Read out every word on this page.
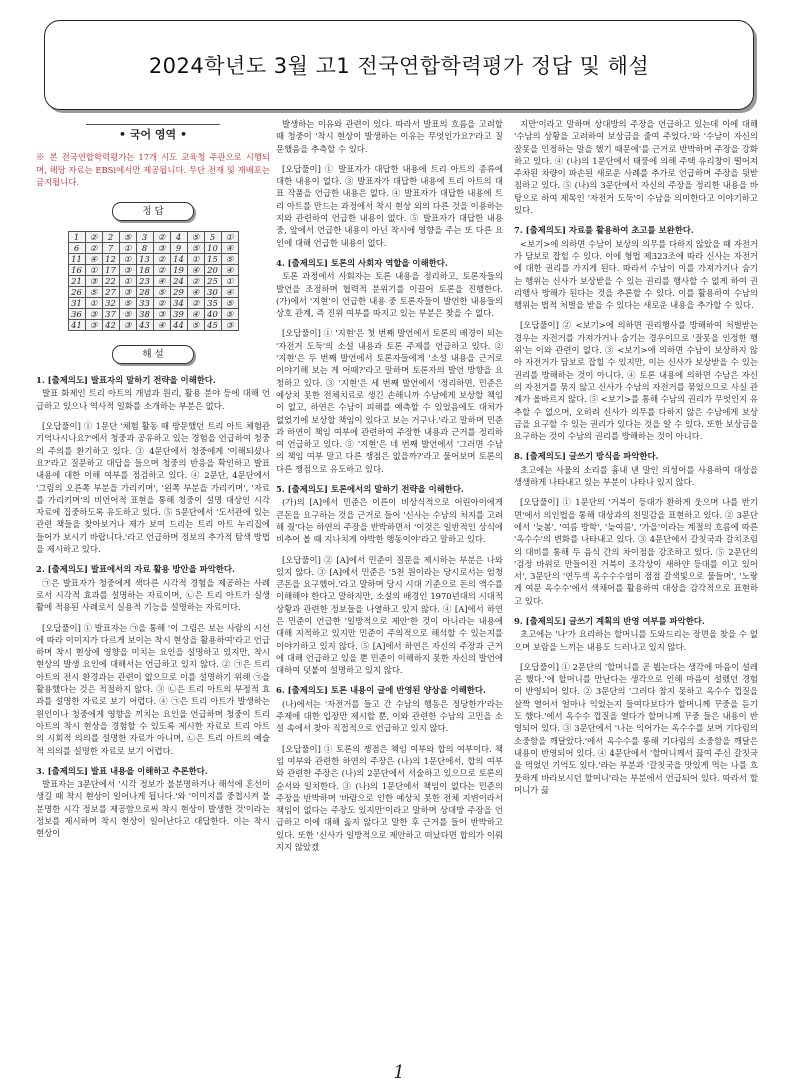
2024학년도 3월 고1 전국연합학력평가 정답 및 해설
• 국어 영역 •

※ 본 전국연합학력평가는 17개 시도 교육청 주관으로 시행되며, 해당 자료는 EBSi에서만 제공됩니다. 무단 전재 및 재배포는 금지됩니다.

정 답
1	②	2	⑤	3	②	4	⑤	5	①
6	②	7	①	8	③	9	⑤	10	④
11	④	12	①	13	②	14	①	15	⑤
16	①	17	③	18	②	19	④	20	④
21	③	22	①	23	④	24	②	25	①
26	⑤	27	③	28	⑤	29	④	30	④
31	①	32	⑤	33	②	34	②	35	⑤
36	③	37	⑤	38	③	39	④	40	⑤
41	③	42	③	43	④	44	⑤	45	③
해 설

1. [출제의도] 발표자의 말하기 전략을 이해한다.

발표 화제인 트리 아트의 개념과 원리, 활용 분야 등에 대해 언급하고 있으나 역사적 일화를 소개하는 부분은 없다.

[오답풀이] ① 1문단 '체험 활동 때 방문했던 트리 아트 체험관 기억나시나요?'에서 청중과 공유하고 있는 경험을 언급하여 청중의 주의를 환기하고 있다. ③ 4문단에서 청중에게 '이해되셨나요?'라고 질문하고 대답을 들으며 청중의 반응을 확인하고 발표 내용에 대한 이해 여부를 점검하고 있다. ④ 2문단, 4문단에서 '그림의 오른쪽 부분을 가리키며', '왼쪽 부분을 가리키며', '자료를 가리키며'의 비언어적 표현을 통해 청중이 설명 대상인 시각 자료에 집중하도록 유도하고 있다. ⑤ 5문단에서 '도서관에 있는 관련 책들을 찾아보거나 제가 보여 드리는 트리 아트 누리집에 들어가 보시기 바랍니다.'라고 언급하며 정보의 추가적 탐색 방법을 제시하고 있다.

2. [출제의도] 발표에서의 자료 활용 방안을 파악한다.

㉠은 발표자가 청중에게 색다른 시각적 경험을 제공하는 사례로서 시각적 효과를 설명하는 자료이며, ㉡은 트리 아트가 실생활에 적용된 사례로서 실용적 기능을 설명하는 자료이다.

[오답풀이] ① 발표자는 ㉠을 통해 '이 그림은 보는 사람의 시선에 따라 이미지가 다르게 보이는 착시 현상을 활용하여'라고 언급하며 착시 현상에 영향을 미치는 요인을 설명하고 있지만, 착시 현상의 발생 요인에 대해서는 언급하고 있지 않다. ② ㉠은 트리 아트의 전시 환경과는 관련이 없으므로 이를 설명하기 위해 ㉠을 활용했다는 것은 적절하지 않다. ③ ㉡은 트리 아트의 부정적 효과를 설명한 자료로 보기 어렵다. ④ ㉠은 트리 아트가 발생하는 원인이나 청중에게 영향을 끼치는 요인을 언급하며 청중이 트리 아트의 착시 현상을 경험할 수 있도록 제시한 자료로 트리 아트의 시회적 의의를 설명한 자료가 아니며, ㉡은 트리 아트의 예술적 의의를 설명한 자료로 보기 어렵다.

3. [출제의도] 발표 내용을 이해하고 추론한다.

발표자는 3문단에서 '시각 정보가 불분명하거나 해석에 혼선이 생길 때 착시 현상이 일어나게 됩니다.'와 '이미지를 중첩시켜 불분명한 시각 정보를 제공함으로써 착시 현상이 발생한 것'이라는 정보를 제시하며 착시 현상이 일어난다고 대답한다. 이는 착시 현상이

발생하는 이유와 관련이 있다. 따라서 발표의 흐름을 고려할 때 청중이 '착시 현상이 발생하는 이유는 무엇인가요?'라고 질문했음을 추측할 수 있다.

[오답풀이] ① 발표자가 대답한 내용에 트리 아트의 종류에 대한 내용이 없다. ③ 발표자가 대답한 내용에 트리 아트의 대표 작품을 언급한 내용은 없다. ④ 발표자가 대답한 내용에 트리 아트를 만드는 과정에서 착시 현상 외의 다른 것을 이용하는지와 관련하여 언급한 내용이 없다. ⑤ 발표자가 대답한 내용 중, 앞에서 언급한 내용이 아닌 착시에 영향을 주는 또 다른 요인에 대해 언급한 내용이 없다.

4. [출제의도] 토론의 사회자 역할을 이해한다.

토론 과정에서 사회자는 토론 내용을 정리하고, 토론자들의 발언을 조정하며 협력적 분위기를 이끌어 토론을 진행한다. (가)에서 '지현'이 언급한 내용 중 토론자들이 발언한 내용들의 상호 관계, 즉 진위 여부를 따지고 있는 부분은 찾을 수 없다.

[오답풀이] ① '지현'은 첫 번째 발언에서 토론의 배경이 되는 '자전거 도둑'의 소설 내용과 토론 주제를 언급하고 있다. ② '지현'은 두 번째 발언에서 토론자들에게 '소설 내용을 근거로 이야기해 보는 게 어때?'라고 말하며 토론자의 발언 방향을 요청하고 있다. ③ '지현'은 세 번째 발언에서 '정리하면, 민준은 예상치 못한 전체치료로 생긴 손해니까 수남에게 보상할 책임이 없고, 하연은 수남이 피해를 예측할 수 있었음에도 대처가 없었기에 보상할 책임이 있다고 보는 거구나.'라고 말하며 민준과 하연이 책임 여부에 관련하여 주장한 내용과 근거를 정리하여 언급하고 있다. ⑤ '지현'은 네 번째 발언에서 '그러면 수남의 책임 여부 말고 다른 쟁점은 없을까?'라고 물어보며 토론의 다른 쟁점으로 유도하고 있다.

5. [출제의도] 토론에서의 말하기 전략을 이해한다.

(가)의 [A]에서 민준은 이른이 비상식적으로 어린아이에게 큰돈을 요구하는 것을 근거로 들어 '신사는 수남의 처지를 고려해 줬'다는 하연의 주장을 반박하면서 '이것은 일반적인 상식에 비추어 볼 때 지나치게 야박한 행동이야'라고 말하고 있다.

[오답풀이] ② [A]에서 민준이 질문을 제시하는 부분은 나와 있지 않다. ③ [A]에서 민준은 '5천 원이라는 당시로서는 엄청 큰돈을 요구했어.'라고 말하며 당시 시대 기준으로 돈의 액수를 이해해야 한다고 말하지만, 소설의 배경인 1970년대의 시대적 상황과 관련한 정보들을 나열하고 있지 않다. ④ [A]에서 하연은 민준이 언급한 '일방적으로 제안'한 것이 아니라는 내용에 대해 지적하고 있지만 민준이 주의적으로 해석할 수 있는지를 이야기하고 있지 않다. ⑤ [A]에서 하연은 자신의 주장과 근거에 대해 언급하고 있을 뿐 민준이 이해하지 못한 자신의 발언에 대하여 덧붙여 설명하고 있지 않다.

6. [출제의도] 토론 내용이 글에 반영된 양상을 이해한다.

(나)에서는 '자전거를 들고 간 수남의 행동은 정당한가'라는 주제에 대한 입장만 제시할 뿐, 이와 관련한 수남의 고민을 소설 속에서 찾아 직접적으로 언급하고 있지 않다.

[오답풀이] ① 토론의 쟁점은 책임 여부와 합의 여부이다. 책임 여부와 관련한 하연의 주장은 (나)의 1문단에서, 합의 여부와 관련한 주장은 (나)의 2문단에서 서술하고 있으므로 토론의 순서와 일치한다. ③ (나)의 1문단에서 책임이 없다는 민준의 주장을 반박하며 '바람으로 인한 예상치 못한 전체 지변이라서 책임이 없다는 주장도 있지만'이라고 말하며 상대방 주장을 언급하고 이에 대해 옳지 않다고 말한 후 근거를 들어 반박하고 있다. 또한 '신사가 일방적으로 제안하고 떠났다면 합의가 이뤄지지 않았겠

지만'이라고 말하며 상대방의 주장을 언급하고 있는데 이에 대해 '수남의 상황을 고려하여 보상금을 줄여 주었다.'와 '수남이 자신의 잘못을 인정하는 말을 했기 때문에'를 근거로 반박하며 주장을 강화하고 있다. ④ (나)의 1문단에서 태풍에 의해 주택 유리창이 떨어져 주차된 차량이 파손된 새로운 사례를 추가로 언급하며 주장을 뒷받침하고 있다. ⑤ (나)의 3문단에서 자신의 주장을 정리한 내용을 바탕으로 하여 제목인 '자전거 도둑'이 수남을 의미한다고 이야기하고 있다.

7. [출제의도] 자료를 활용하여 초고를 보완한다.

<보기>에 의하면 수남이 보상의 의무를 다하지 않았을 때 자전거가 담보로 잡힐 수 있다. 이에 형법 제323조에 따라 신사는 자전거에 대한 권리를 가지게 된다. 따라서 수남이 이를 가져가거나 숨기는 행위는 신사가 보상받을 수 있는 권리를 행사할 수 없게 하여 권리행사 방해가 된다는 것을 추론할 수 있다. 이를 활용하여 수남의 행위는 법적 처벌을 받을 수 있다는 새로운 내용을 추가할 수 있다.

[오답풀이] ② <보기>에 의하면 권리행사를 방해하여 처벌받는 경우는 자전거를 가져가거나 숨기는 경우이므로 '잘못을 인정한 행위'는 이와 관련이 없다. ③ <보기>에 의하면 수남이 보상하지 않아 자전거가 담보로 잡힐 수 있지만, 이는 신사가 보상받을 수 있는 권리를 방해하는 것이 아니다. ④ 토론 내용에 의하면 수남은 자신의 자전거를 묶지 않고 신사가 수남의 자전거를 묶었으므로 사실 관계가 올바르지 않다. ⑤ <보기>를 통해 수남의 권리가 무엇인지 유추할 수 없으며, 오히려 신사가 의무를 다하지 않은 수남에게 보상금을 요구할 수 있는 권리가 있다는 것을 알 수 있다. 또한 보상금을 요구하는 것이 수남의 권리를 방해하는 것이 아니다.

8. [출제의도] 글쓰기 방식을 파악한다.

초고에는 사물의 소리를 흉내 낸 말인 의성어를 사용하여 대상을 생생하게 나타내고 있는 부분이 나타나 있지 않다.

[오답풀이] ① 1문단의 '거북이 등대가 환하게 웃으며 나를 반기면'에서 의인법을 통해 대상과의 친밀감을 표현하고 있다. ② 3문단에서 '늦봄', '여름 방학', '늦여름', '가을'이라는 계절의 흐름에 따른 '옥수수'의 변화를 나타내고 있다. ③ 4문단에서 갈칫국과 갈치조림의 대비를 통해 두 음식 간의 차이점을 강조하고 있다. ⑤ 2문단의 '검정 바위로 만들어진 거북이 조각상이 새하얀 등대를 이고 있어서', 3문단의 '연두색 옥수수수염이 점점 갈색빛으로 물들며', '노랗게 여문 옥수수'에서 색채어를 활용하여 대상을 감각적으로 표현하고 있다.

9. [출제의도] 글쓰기 계획의 반영 여부를 파악한다.

초고에는 '나'가 요리하는 할머니를 도와드리는 장면을 찾을 수 없으며 보람을 느끼는 내용도 드러나고 있지 않다.

[오답풀이] ① 2문단의 '할머니를 곧 뵙는다는 생각에 마음이 설레곤 했다.'에 할머니를 만난다는 생각으로 인해 마음이 설렜던 경험이 반영되어 있다. ② 3문단의 '그러다 참지 못하고 옥수수 껍질을 살짝 열어서 얼마나 익었는지 들여다보다가 할머니께 꾸중을 듣기도 했다.'에서 옥수수 껍질을 열다가 할머니께 꾸중 들은 내용이 반영되어 있다. ③ 3문단에서 '나는 익어가는 옥수수를 보며 기다림의 소중함을 깨달았다.'에서 옥수수를 통해 기다림의 소중함을 깨달은 내용이 반영되어 있다. ④ 4문단에서 '할머니께서 끓여 주신 갈칫국을 먹었던 기억도 있다.'라는 부분과 '갈칫국을 맛있게 먹는 나를 흐뭇하게 바라보시던 할머니'라는 부분에서 언급되어 있다. 따라서 할머니가 끓

1
